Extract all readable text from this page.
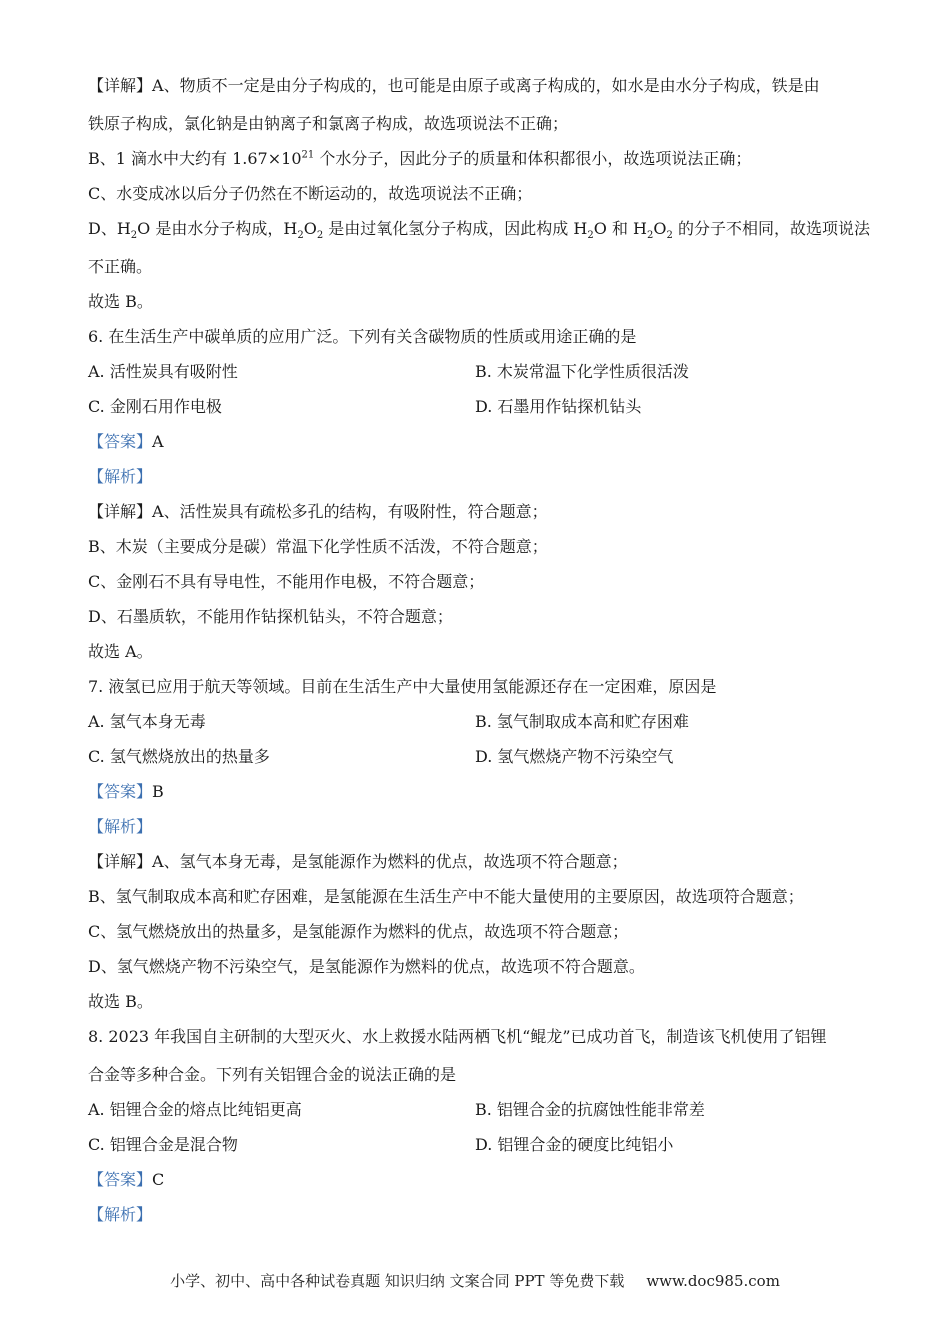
【详解】A、物质不一定是由分子构成的，也可能是由原子或离子构成的，如水是由水分子构成，铁是由
铁原子构成，氯化钠是由钠离子和氯离子构成，故选项说法不正确；
B、1 滴水中大约有 $1.67\times 10^{21}$ 个水分子，因此分子的质量和体积都很小，故选项说法正确；
C、水变成冰以后分子仍然在不断运动的，故选项说法不正确；
D、$H_2O$ 是由水分子构成，$H_2O_2$ 是由过氧化氢分子构成，因此构成 $H_2O$ 和 $H_2O_2$ 的分子不相同，故选项说法
不正确。
故选 B。
6. 在生活生产中碳单质的应用广泛。下列有关含碳物质的性质或用途正确的是
A. 活性炭具有吸附性	B. 木炭常温下化学性质很活泼
C. 金刚石用作电极	D. 石墨用作钻探机钻头
【答案】A
【解析】
【详解】A、活性炭具有疏松多孔的结构，有吸附性，符合题意；
B、木炭（主要成分是碳）常温下化学性质不活泼，不符合题意；
C、金刚石不具有导电性，不能用作电极，不符合题意；
D、石墨质软，不能用作钻探机钻头，不符合题意；
故选 A。
7. 液氢已应用于航天等领域。目前在生活生产中大量使用氢能源还存在一定困难，原因是
A. 氢气本身无毒	B. 氢气制取成本高和贮存困难
C. 氢气燃烧放出的热量多	D. 氢气燃烧产物不污染空气
【答案】B
【解析】
【详解】A、氢气本身无毒，是氢能源作为燃料的优点，故选项不符合题意；
B、氢气制取成本高和贮存困难，是氢能源在生活生产中不能大量使用的主要原因，故选项符合题意；
C、氢气燃烧放出的热量多，是氢能源作为燃料的优点，故选项不符合题意；
D、氢气燃烧产物不污染空气，是氢能源作为燃料的优点，故选项不符合题意。
故选 B。
8. 2023 年我国自主研制的大型灭火、水上救援水陆两栖飞机“鲲龙”已成功首飞，制造该飞机使用了铝锂
合金等多种合金。下列有关铝锂合金的说法正确的是
A. 铝锂合金的熔点比纯铝更高	B. 铝锂合金的抗腐蚀性能非常差
C. 铝锂合金是混合物	D. 铝锂合金的硬度比纯铝小
【答案】C
【解析】
小学、初中、高中各种试卷真题 知识归纳 文案合同 PPT 等免费下载 www.doc985.com
